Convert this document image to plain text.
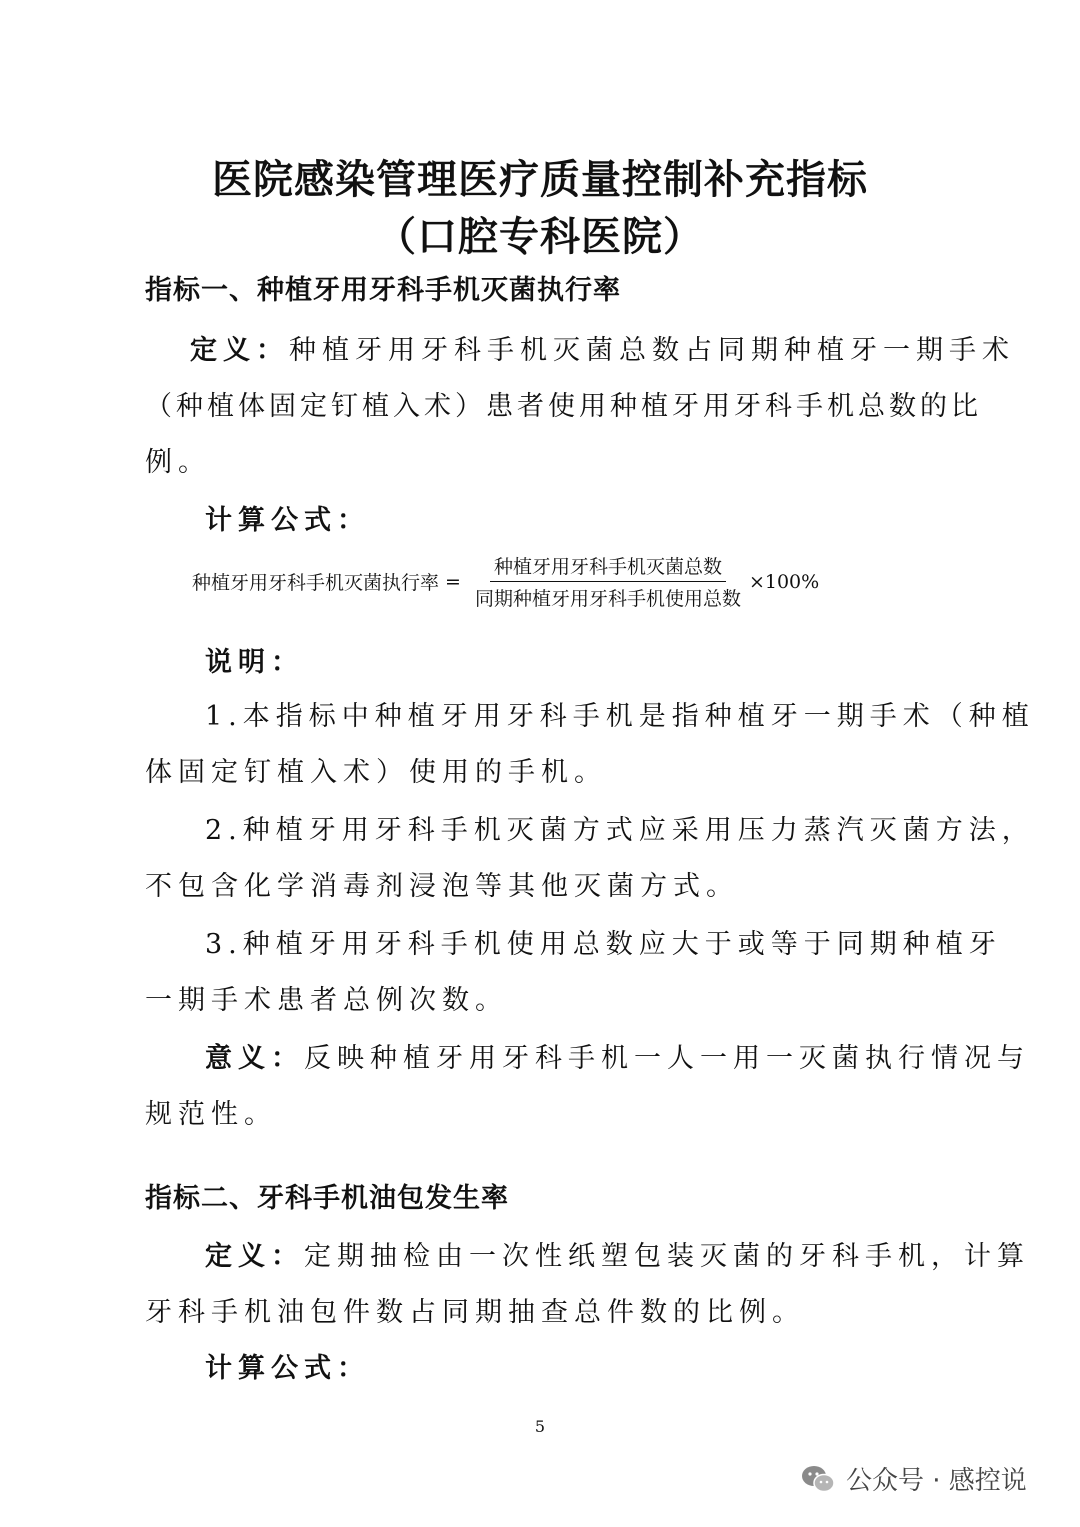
医院感染管理医疗质量控制补充指标
（口腔专科医院）
指标一、种植牙用牙科手机灭菌执行率

定义：种植牙用牙科手机灭菌总数占同期种植牙一期手术

（种植体固定钉植入术）患者使用种植牙用牙科手机总数的比

例。

计算公式：

种植牙用牙科手机灭菌执行率 = $\frac{\text{种植牙用牙科手机灭菌总数}}{\text{同期种植牙用牙科手机使用总数}} \times 100\%$

说明：

1.本指标中种植牙用牙科手机是指种植牙一期手术（种植

体固定钉植入术）使用的手机。

2.种植牙用牙科手机灭菌方式应采用压力蒸汽灭菌方法，

不包含化学消毒剂浸泡等其他灭菌方式。

3.种植牙用牙科手机使用总数应大于或等于同期种植牙

一期手术患者总例次数。

意义：反映种植牙用牙科手机一人一用一灭菌执行情况与

规范性。

指标二、牙科手机油包发生率

定义：定期抽检由一次性纸塑包装灭菌的牙科手机，计算

牙科手机油包件数占同期抽查总件数的比例。

计算公式：

5
公众号 · 感控说
